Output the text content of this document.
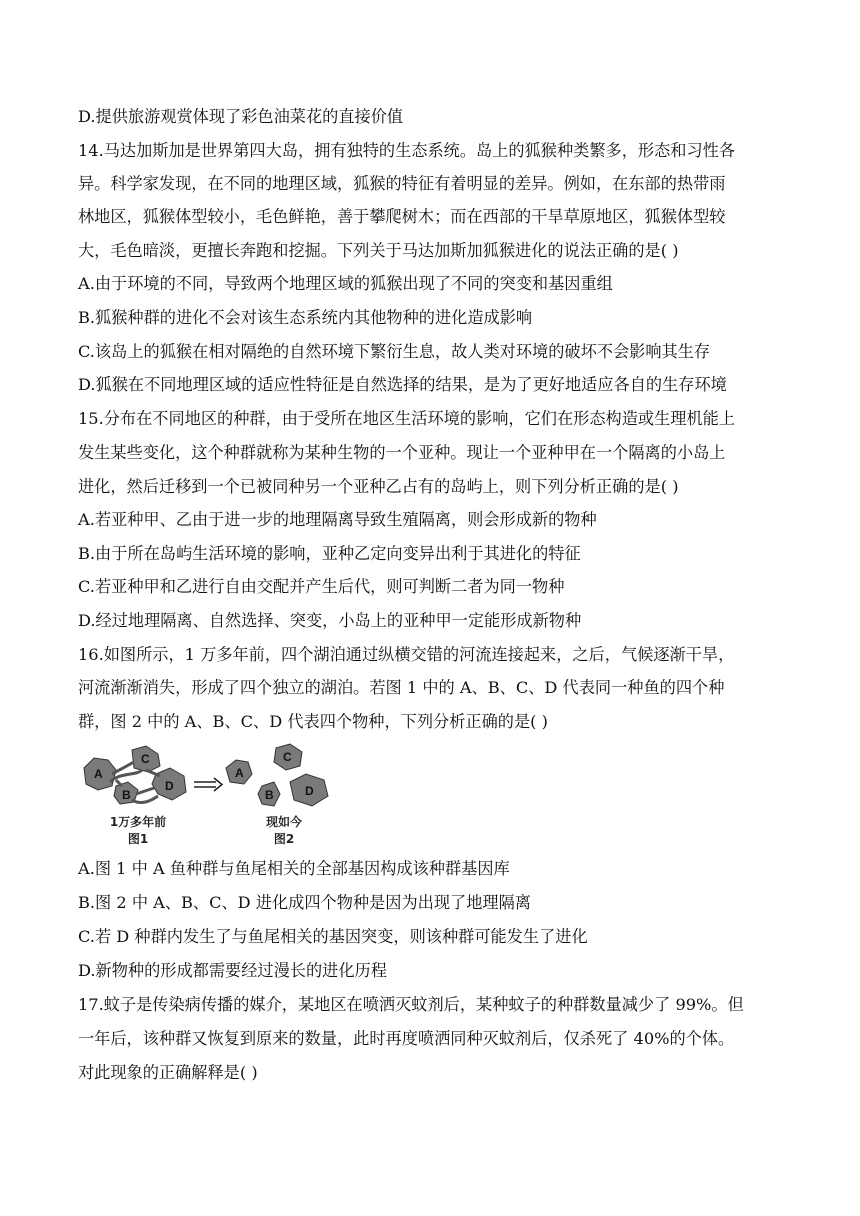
D.提供旅游观赏体现了彩色油菜花的直接价值
14.马达加斯加是世界第四大岛，拥有独特的生态系统。岛上的狐猴种类繁多，形态和习性各
异。科学家发现，在不同的地理区域，狐猴的特征有着明显的差异。例如，在东部的热带雨
林地区，狐猴体型较小，毛色鲜艳，善于攀爬树木；而在西部的干旱草原地区，狐猴体型较
大，毛色暗淡，更擅长奔跑和挖掘。下列关于马达加斯加狐猴进化的说法正确的是( )
A.由于环境的不同，导致两个地理区域的狐猴出现了不同的突变和基因重组
B.狐猴种群的进化不会对该生态系统内其他物种的进化造成影响
C.该岛上的狐猴在相对隔绝的自然环境下繁衍生息，故人类对环境的破坏不会影响其生存
D.狐猴在不同地理区域的适应性特征是自然选择的结果，是为了更好地适应各自的生存环境
15.分布在不同地区的种群，由于受所在地区生活环境的影响，它们在形态构造或生理机能上
发生某些变化，这个种群就称为某种生物的一个亚种。现让一个亚种甲在一个隔离的小岛上
进化，然后迁移到一个已被同种另一个亚种乙占有的岛屿上，则下列分析正确的是( )
A.若亚种甲、乙由于进一步的地理隔离导致生殖隔离，则会形成新的物种
B.由于所在岛屿生活环境的影响，亚种乙定向变异出利于其进化的特征
C.若亚种甲和乙进行自由交配并产生后代，则可判断二者为同一物种
D.经过地理隔离、自然选择、突变，小岛上的亚种甲一定能形成新物种
16.如图所示，1 万多年前，四个湖泊通过纵横交错的河流连接起来，之后，气候逐渐干旱，
河流渐渐消失，形成了四个独立的湖泊。若图 1 中的 A、B、C、D 代表同一种鱼的四个种
群，图 2 中的 A、B、C、D 代表四个物种，下列分析正确的是( )
A
B
C
D
A
B
C
D
1万多年前
图1
现如今
图2
A.图 1 中 A 鱼种群与鱼尾相关的全部基因构成该种群基因库
B.图 2 中 A、B、C、D 进化成四个物种是因为出现了地理隔离
C.若 D 种群内发生了与鱼尾相关的基因突变，则该种群可能发生了进化
D.新物种的形成都需要经过漫长的进化历程
17.蚊子是传染病传播的媒介，某地区在喷洒灭蚊剂后，某种蚊子的种群数量减少了 99%。但
一年后，该种群又恢复到原来的数量，此时再度喷洒同种灭蚊剂后，仅杀死了 40%的个体。
对此现象的正确解释是( )
